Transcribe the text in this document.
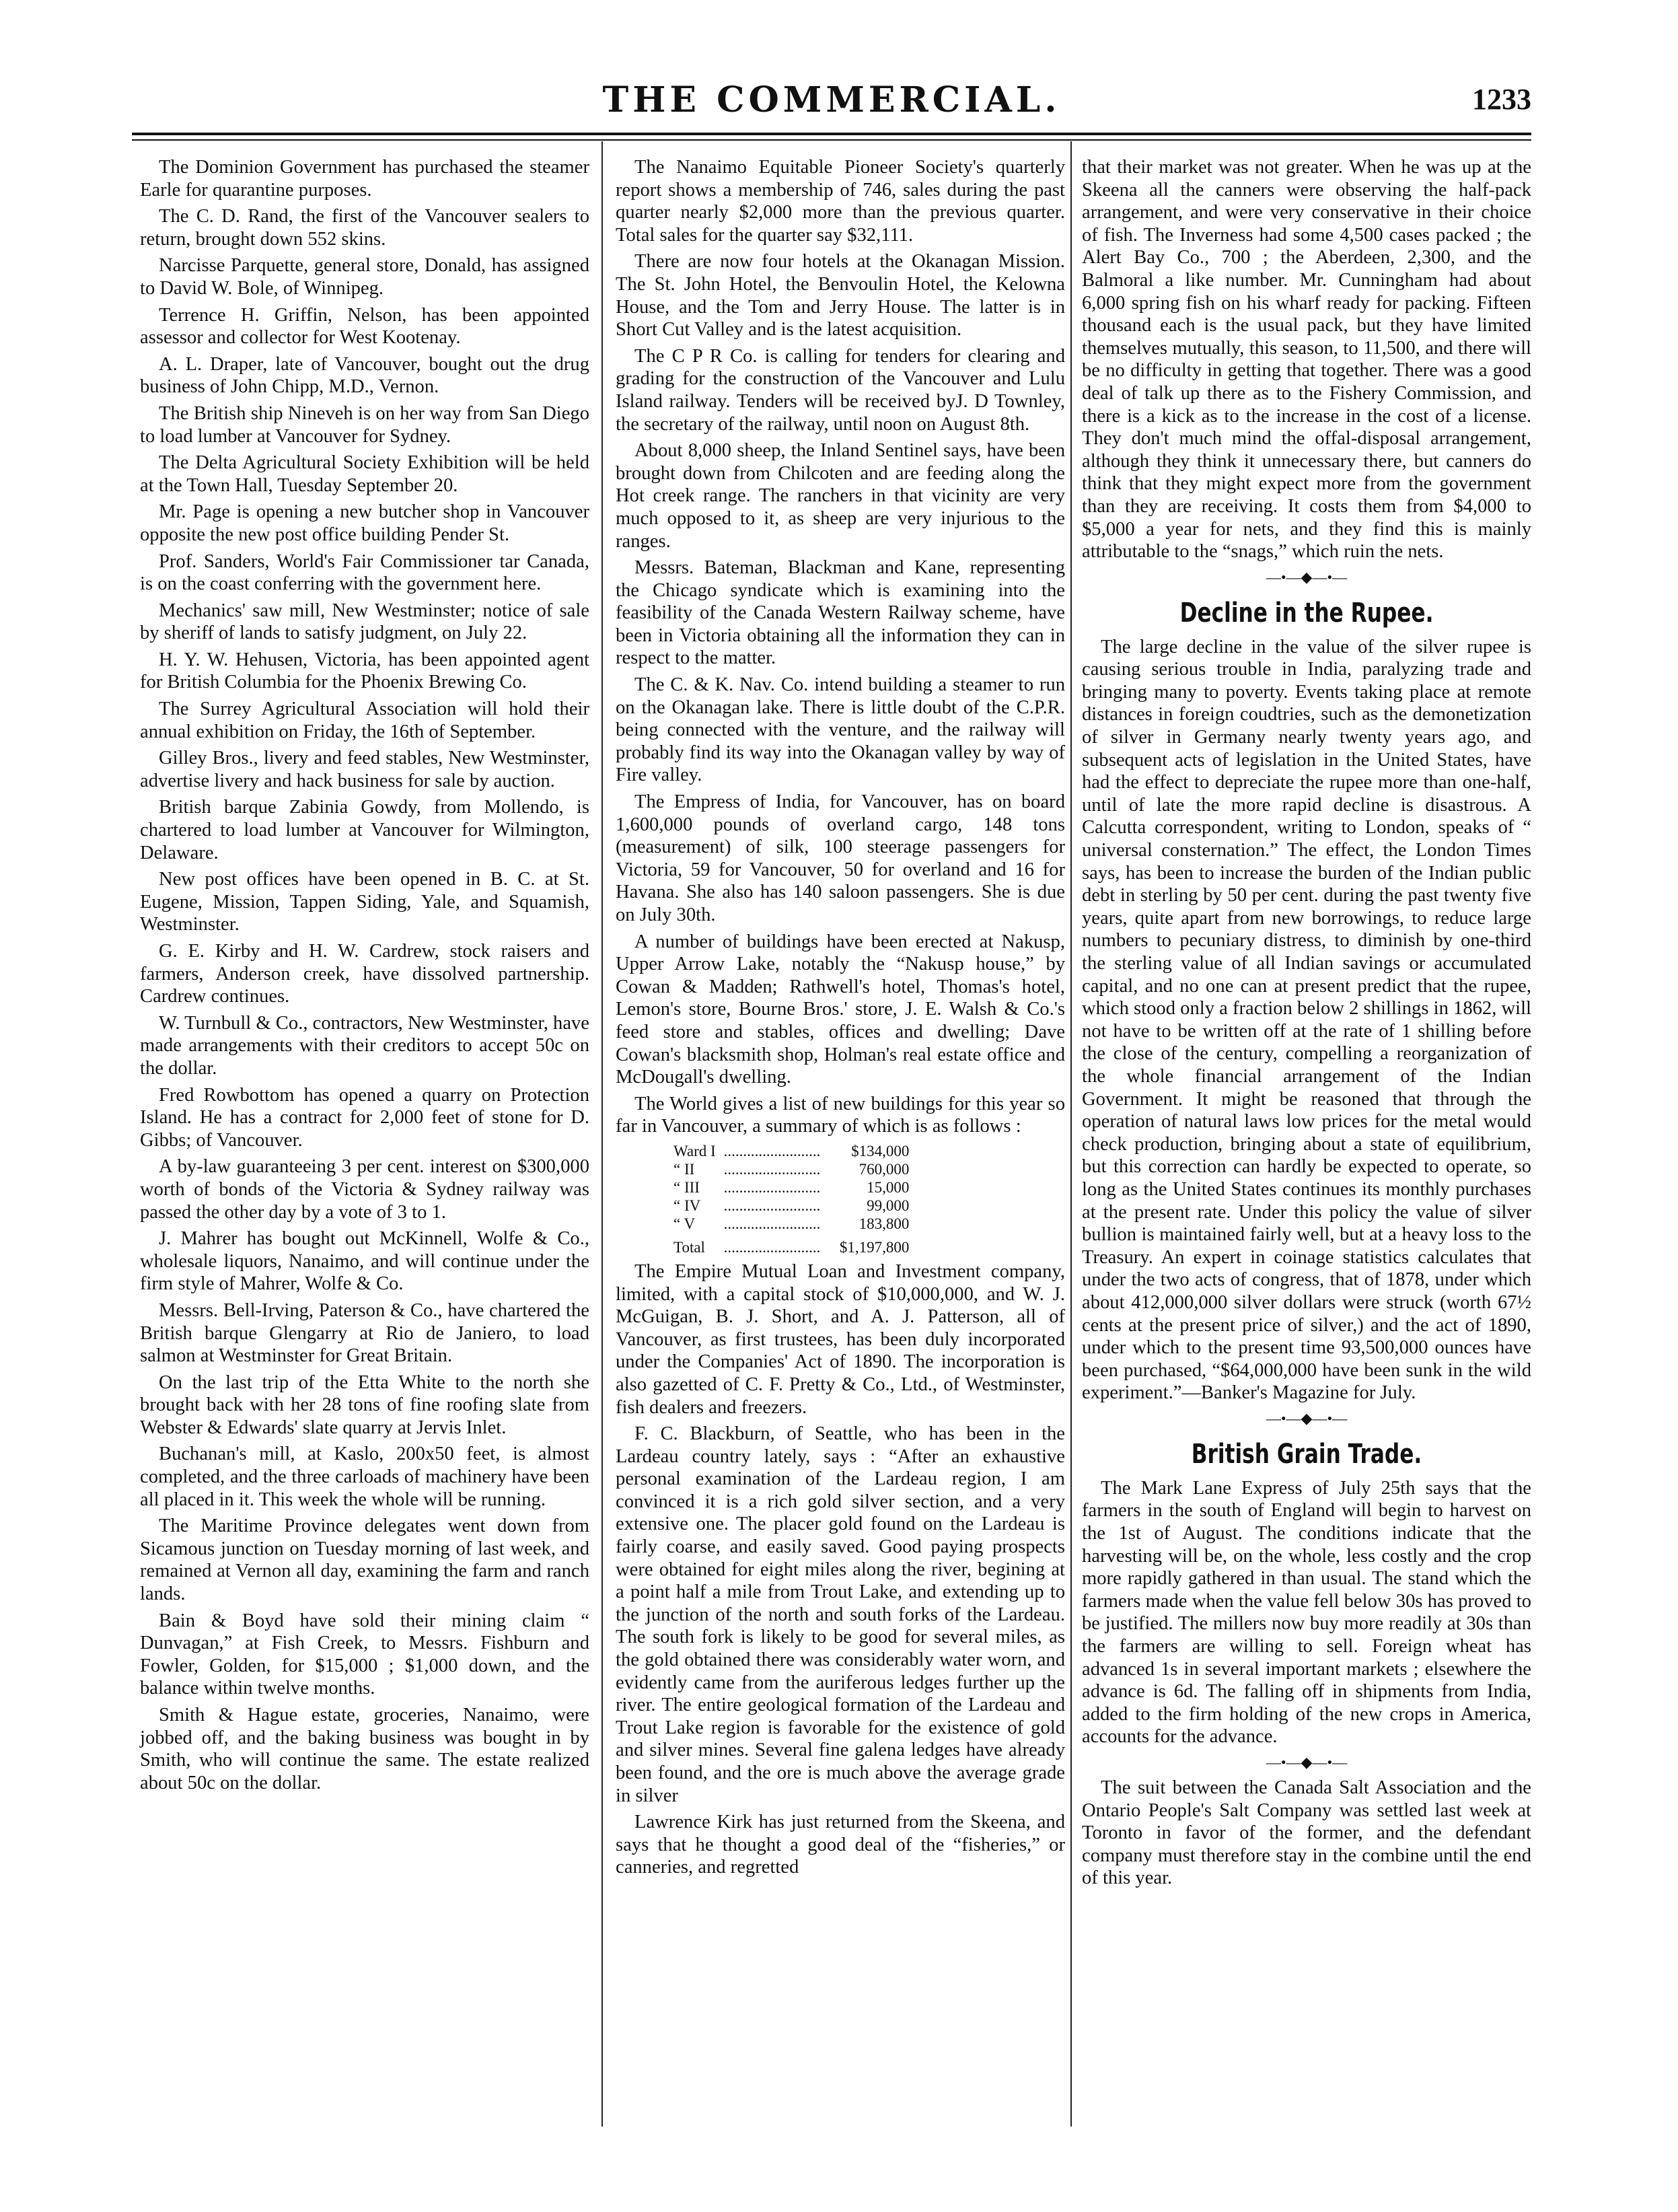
THE COMMERCIAL.	1233

The Dominion Government has purchased the steamer Earle for quarantine purposes.

The C. D. Rand, the first of the Vancouver sealers to return, brought down 552 skins.

Narcisse Parquette, general store, Donald, has assigned to David W. Bole, of Winnipeg.

Terrence H. Griffin, Nelson, has been appointed assessor and collector for West Kootenay.

A. L. Draper, late of Vancouver, bought out the drug business of John Chipp, M.D., Vernon.

The British ship Nineveh is on her way from San Diego to load lumber at Vancouver for Sydney.

The Delta Agricultural Society Exhibition will be held at the Town Hall, Tuesday September 20.

Mr. Page is opening a new butcher shop in Vancouver opposite the new post office building Pender St.

Prof. Sanders, World's Fair Commissioner tar Canada, is on the coast conferring with the government here.

Mechanics' saw mill, New Westminster; notice of sale by sheriff of lands to satisfy judgment, on July 22.

H. Y. W. Hehusen, Victoria, has been appointed agent for British Columbia for the Phoenix Brewing Co.

The Surrey Agricultural Association will hold their annual exhibition on Friday, the 16th of September.

Gilley Bros., livery and feed stables, New Westminster, advertise livery and hack business for sale by auction.

British barque Zabinia Gowdy, from Mollendo, is chartered to load lumber at Vancouver for Wilmington, Delaware.

New post offices have been opened in B. C. at St. Eugene, Mission, Tappen Siding, Yale, and Squamish, Westminster.

G. E. Kirby and H. W. Cardrew, stock raisers and farmers, Anderson creek, have dissolved partnership. Cardrew continues.

W. Turnbull & Co., contractors, New Westminster, have made arrangements with their creditors to accept 50c on the dollar.

Fred Rowbottom has opened a quarry on Protection Island. He has a contract for 2,000 feet of stone for D. Gibbs; of Vancouver.

A by-law guaranteeing 3 per cent. interest on $300,000 worth of bonds of the Victoria & Sydney railway was passed the other day by a vote of 3 to 1.

J. Mahrer has bought out McKinnell, Wolfe & Co., wholesale liquors, Nanaimo, and will continue under the firm style of Mahrer, Wolfe & Co.

Messrs. Bell-Irving, Paterson & Co., have chartered the British barque Glengarry at Rio de Janiero, to load salmon at Westminster for Great Britain.

On the last trip of the Etta White to the north she brought back with her 28 tons of fine roofing slate from Webster & Edwards' slate quarry at Jervis Inlet.

Buchanan's mill, at Kaslo, 200x50 feet, is almost completed, and the three carloads of machinery have been all placed in it. This week the whole will be running.

The Maritime Province delegates went down from Sicamous junction on Tuesday morning of last week, and remained at Vernon all day, examining the farm and ranch lands.

Bain & Boyd have sold their mining claim “ Dunvagan,” at Fish Creek, to Messrs. Fishburn and Fowler, Golden, for $15,000 ; $1,000 down, and the balance within twelve months.

Smith & Hague estate, groceries, Nanaimo, were jobbed off, and the baking business was bought in by Smith, who will continue the same. The estate realized about 50c on the dollar.

The Nanaimo Equitable Pioneer Society's quarterly report shows a membership of 746, sales during the past quarter nearly $2,000 more than the previous quarter. Total sales for the quarter say $32,111.

There are now four hotels at the Okanagan Mission. The St. John Hotel, the Benvoulin Hotel, the Kelowna House, and the Tom and Jerry House. The latter is in Short Cut Valley and is the latest acquisition.

The C P R Co. is calling for tenders for clearing and grading for the construction of the Vancouver and Lulu Island railway. Tenders will be received byJ. D Townley, the secretary of the railway, until noon on August 8th.

About 8,000 sheep, the Inland Sentinel says, have been brought down from Chilcoten and are feeding along the Hot creek range. The ranchers in that vicinity are very much opposed to it, as sheep are very injurious to the ranges.

Messrs. Bateman, Blackman and Kane, representing the Chicago syndicate which is examining into the feasibility of the Canada Western Railway scheme, have been in Victoria obtaining all the information they can in respect to the matter.

The C. & K. Nav. Co. intend building a steamer to run on the Okanagan lake. There is little doubt of the C.P.R. being connected with the venture, and the railway will probably find its way into the Okanagan valley by way of Fire valley.

The Empress of India, for Vancouver, has on board 1,600,000 pounds of overland cargo, 148 tons (measurement) of silk, 100 steerage passengers for Victoria, 59 for Vancouver, 50 for overland and 16 for Havana. She also has 140 saloon passengers. She is due on July 30th.

A number of buildings have been erected at Nakusp, Upper Arrow Lake, notably the “Nakusp house,” by Cowan & Madden; Rathwell's hotel, Thomas's hotel, Lemon's store, Bourne Bros.' store, J. E. Walsh & Co.'s feed store and stables, offices and dwelling; Dave Cowan's blacksmith shop, Holman's real estate office and McDougall's dwelling.

The World gives a list of new buildings for this year so far in Vancouver, a summary of which is as follows :

Ward I	.........................	$134,000
“ II	.........................	760,000
“ III	.........................	15,000
“ IV	.........................	99,000
“ V	.........................	183,800
Total	.........................	$1,197,800

The Empire Mutual Loan and Investment company, limited, with a capital stock of $10,000,000, and W. J. McGuigan, B. J. Short, and A. J. Patterson, all of Vancouver, as first trustees, has been duly incorporated under the Companies' Act of 1890. The incorporation is also gazetted of C. F. Pretty & Co., Ltd., of Westminster, fish dealers and freezers.

F. C. Blackburn, of Seattle, who has been in the Lardeau country lately, says : “After an exhaustive personal examination of the Lardeau region, I am convinced it is a rich gold silver section, and a very extensive one. The placer gold found on the Lardeau is fairly coarse, and easily saved. Good paying prospects were obtained for eight miles along the river, begining at a point half a mile from Trout Lake, and extending up to the junction of the north and south forks of the Lardeau. The south fork is likely to be good for several miles, as the gold obtained there was considerably water worn, and evidently came from the auriferous ledges further up the river. The entire geological formation of the Lardeau and Trout Lake region is favorable for the existence of gold and silver mines. Several fine galena ledges have already been found, and the ore is much above the average grade in silver

Lawrence Kirk has just returned from the Skeena, and says that he thought a good deal of the “fisheries,” or canneries, and regretted

that their market was not greater. When he was up at the Skeena all the canners were observing the half-pack arrangement, and were very conservative in their choice of fish. The Inverness had some 4,500 cases packed ; the Alert Bay Co., 700 ; the Aberdeen, 2,300, and the Balmoral a like number. Mr. Cunningham had about 6,000 spring fish on his wharf ready for packing. Fifteen thousand each is the usual pack, but they have limited themselves mutually, this season, to 11,500, and there will be no difficulty in getting that together. There was a good deal of talk up there as to the Fishery Commission, and there is a kick as to the increase in the cost of a license. They don't much mind the offal-disposal arrangement, although they think it unnecessary there, but canners do think that they might expect more from the government than they are receiving. It costs them from $4,000 to $5,000 a year for nets, and they find this is mainly attributable to the “snags,” which ruin the nets.

—•—◆—•—
Decline in the Rupee.

The large decline in the value of the silver rupee is causing serious trouble in India, paralyzing trade and bringing many to poverty. Events taking place at remote distances in foreign coudtries, such as the demonetization of silver in Germany nearly twenty years ago, and subsequent acts of legislation in the United States, have had the effect to depreciate the rupee more than one-half, until of late the more rapid decline is disastrous. A Calcutta correspondent, writing to London, speaks of “ universal consternation.” The effect, the London Times says, has been to increase the burden of the Indian public debt in sterling by 50 per cent. during the past twenty five years, quite apart from new borrowings, to reduce large numbers to pecuniary distress, to diminish by one-third the sterling value of all Indian savings or accumulated capital, and no one can at present predict that the rupee, which stood only a fraction below 2 shillings in 1862, will not have to be written off at the rate of 1 shilling before the close of the century, compelling a reorganization of the whole financial arrangement of the Indian Government. It might be reasoned that through the operation of natural laws low prices for the metal would check production, bringing about a state of equilibrium, but this correction can hardly be expected to operate, so long as the United States continues its monthly purchases at the present rate. Under this policy the value of silver bullion is maintained fairly well, but at a heavy loss to the Treasury. An expert in coinage statistics calculates that under the two acts of congress, that of 1878, under which about 412,000,000 silver dollars were struck (worth 67½ cents at the present price of silver,) and the act of 1890, under which to the present time 93,500,000 ounces have been purchased, “$64,000,000 have been sunk in the wild experiment.”—Banker's Magazine for July.

—•—◆—•—
British Grain Trade.

The Mark Lane Express of July 25th says that the farmers in the south of England will begin to harvest on the 1st of August. The conditions indicate that the harvesting will be, on the whole, less costly and the crop more rapidly gathered in than usual. The stand which the farmers made when the value fell below 30s has proved to be justified. The millers now buy more readily at 30s than the farmers are willing to sell. Foreign wheat has advanced 1s in several important markets ; elsewhere the advance is 6d. The falling off in shipments from India, added to the firm holding of the new crops in America, accounts for the advance.

—•—◆—•—

The suit between the Canada Salt Association and the Ontario People's Salt Company was settled last week at Toronto in favor of the former, and the defendant company must therefore stay in the combine until the end of this year.
